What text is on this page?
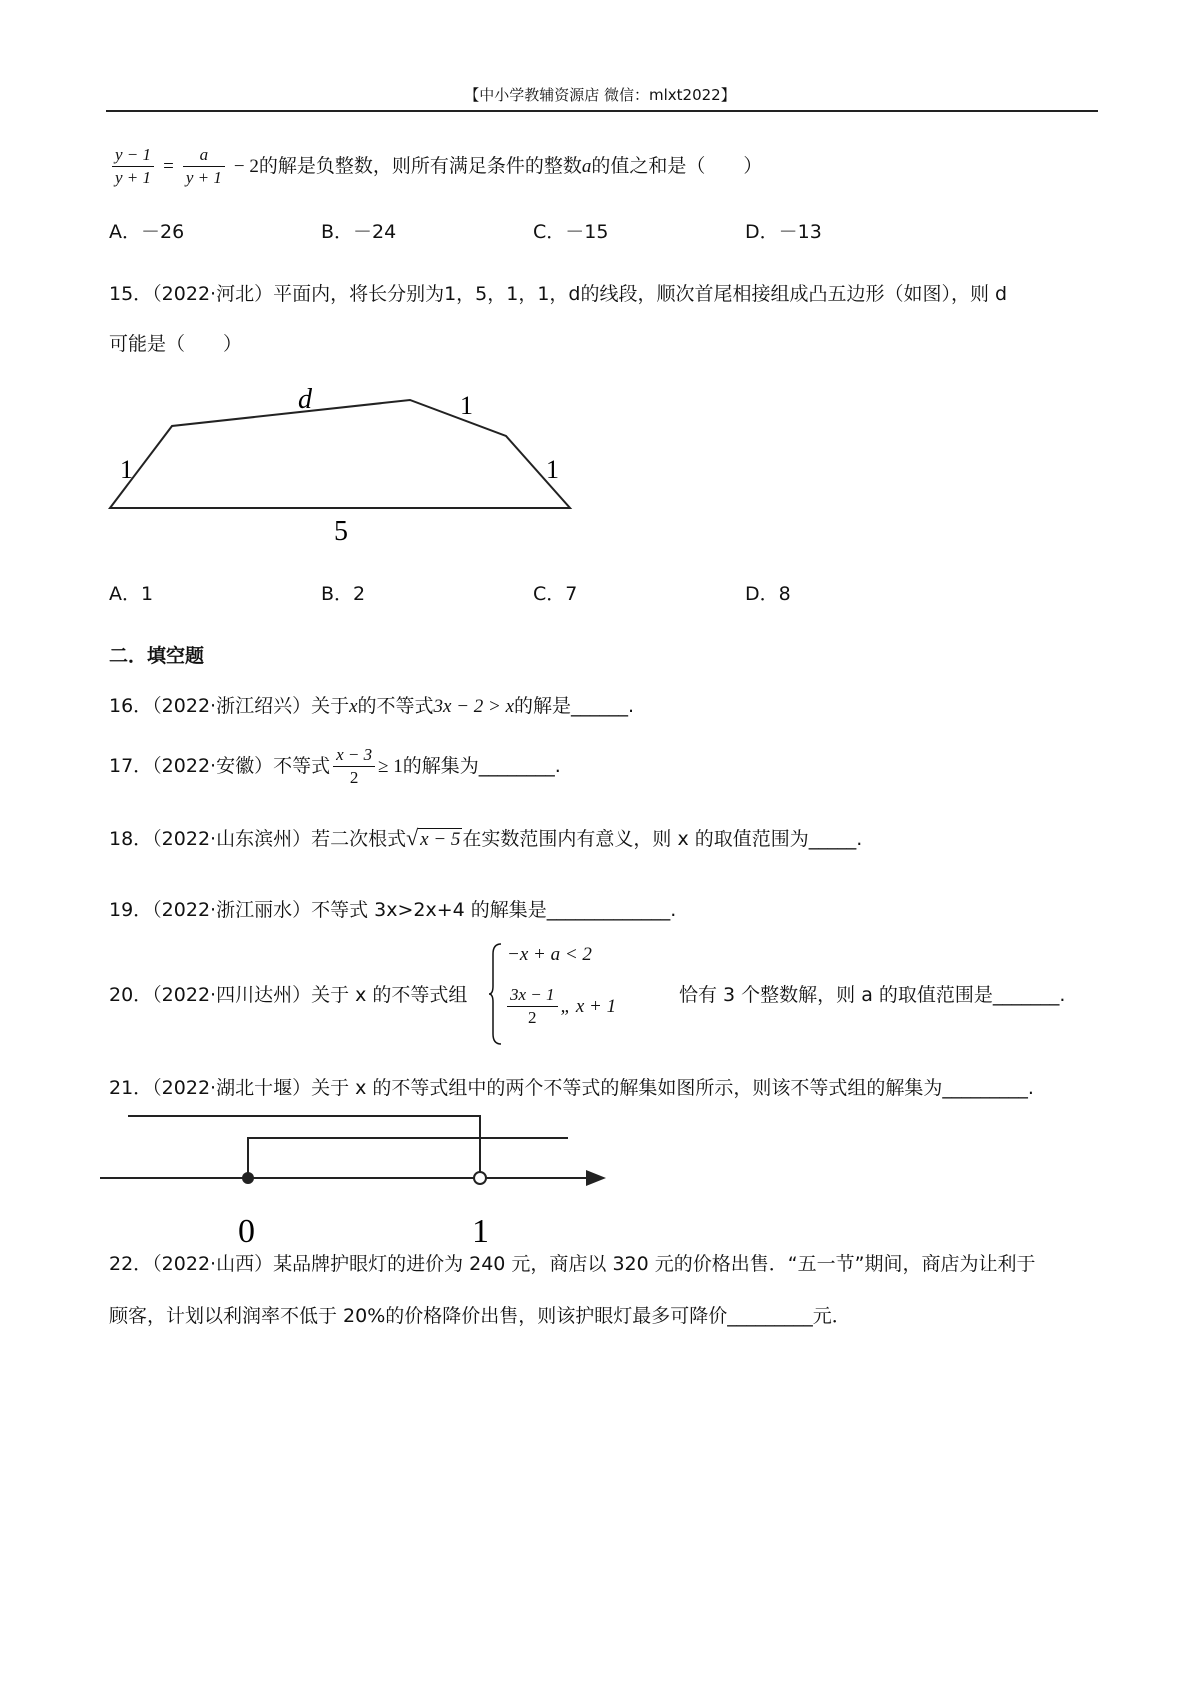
【中小学教辅资源店 微信：mlxt2022】
$\frac{y - 1}{y + 1} = \frac{a}{y + 1} - 2$的解是负整数，则所有满足条件的整数a的值之和是（　　）
A．－26	B．－24	C．－15	D．－13
15．（2022·河北）平面内，将长分别为1，5，1，1，d的线段，顺次首尾相接组成凸五边形（如图），则 d
可能是（　　）
d	1
1
1
5
A．1	B．2	C．7	D．8
二．填空题
16．（2022·浙江绍兴）关于x的不等式3x − 2 > x的解是______.
17．（2022·安徽）不等式 $\frac{x - 3}{2} \ge 1$的解集为________.
18．（2022·山东滨州）若二次根式√ x − 5 在实数范围内有意义，则 x 的取值范围为_____.
19．（2022·浙江丽水）不等式 3x>2x+4 的解集是_____________.
20．（2022·四川达州）关于 x 的不等式组
−x + a < 2
$\frac{3x - 1}{2}$ „ x + 1
恰有 3 个整数解，则 a 的取值范围是_______.
21．（2022·湖北十堰）关于 x 的不等式组中的两个不等式的解集如图所示，则该不等式组的解集为_________.
0	1
22．（2022·山西）某品牌护眼灯的进价为 240 元，商店以 320 元的价格出售．“五一节”期间，商店为让利于
顾客，计划以利润率不低于 20%的价格降价出售，则该护眼灯最多可降价_________元．
